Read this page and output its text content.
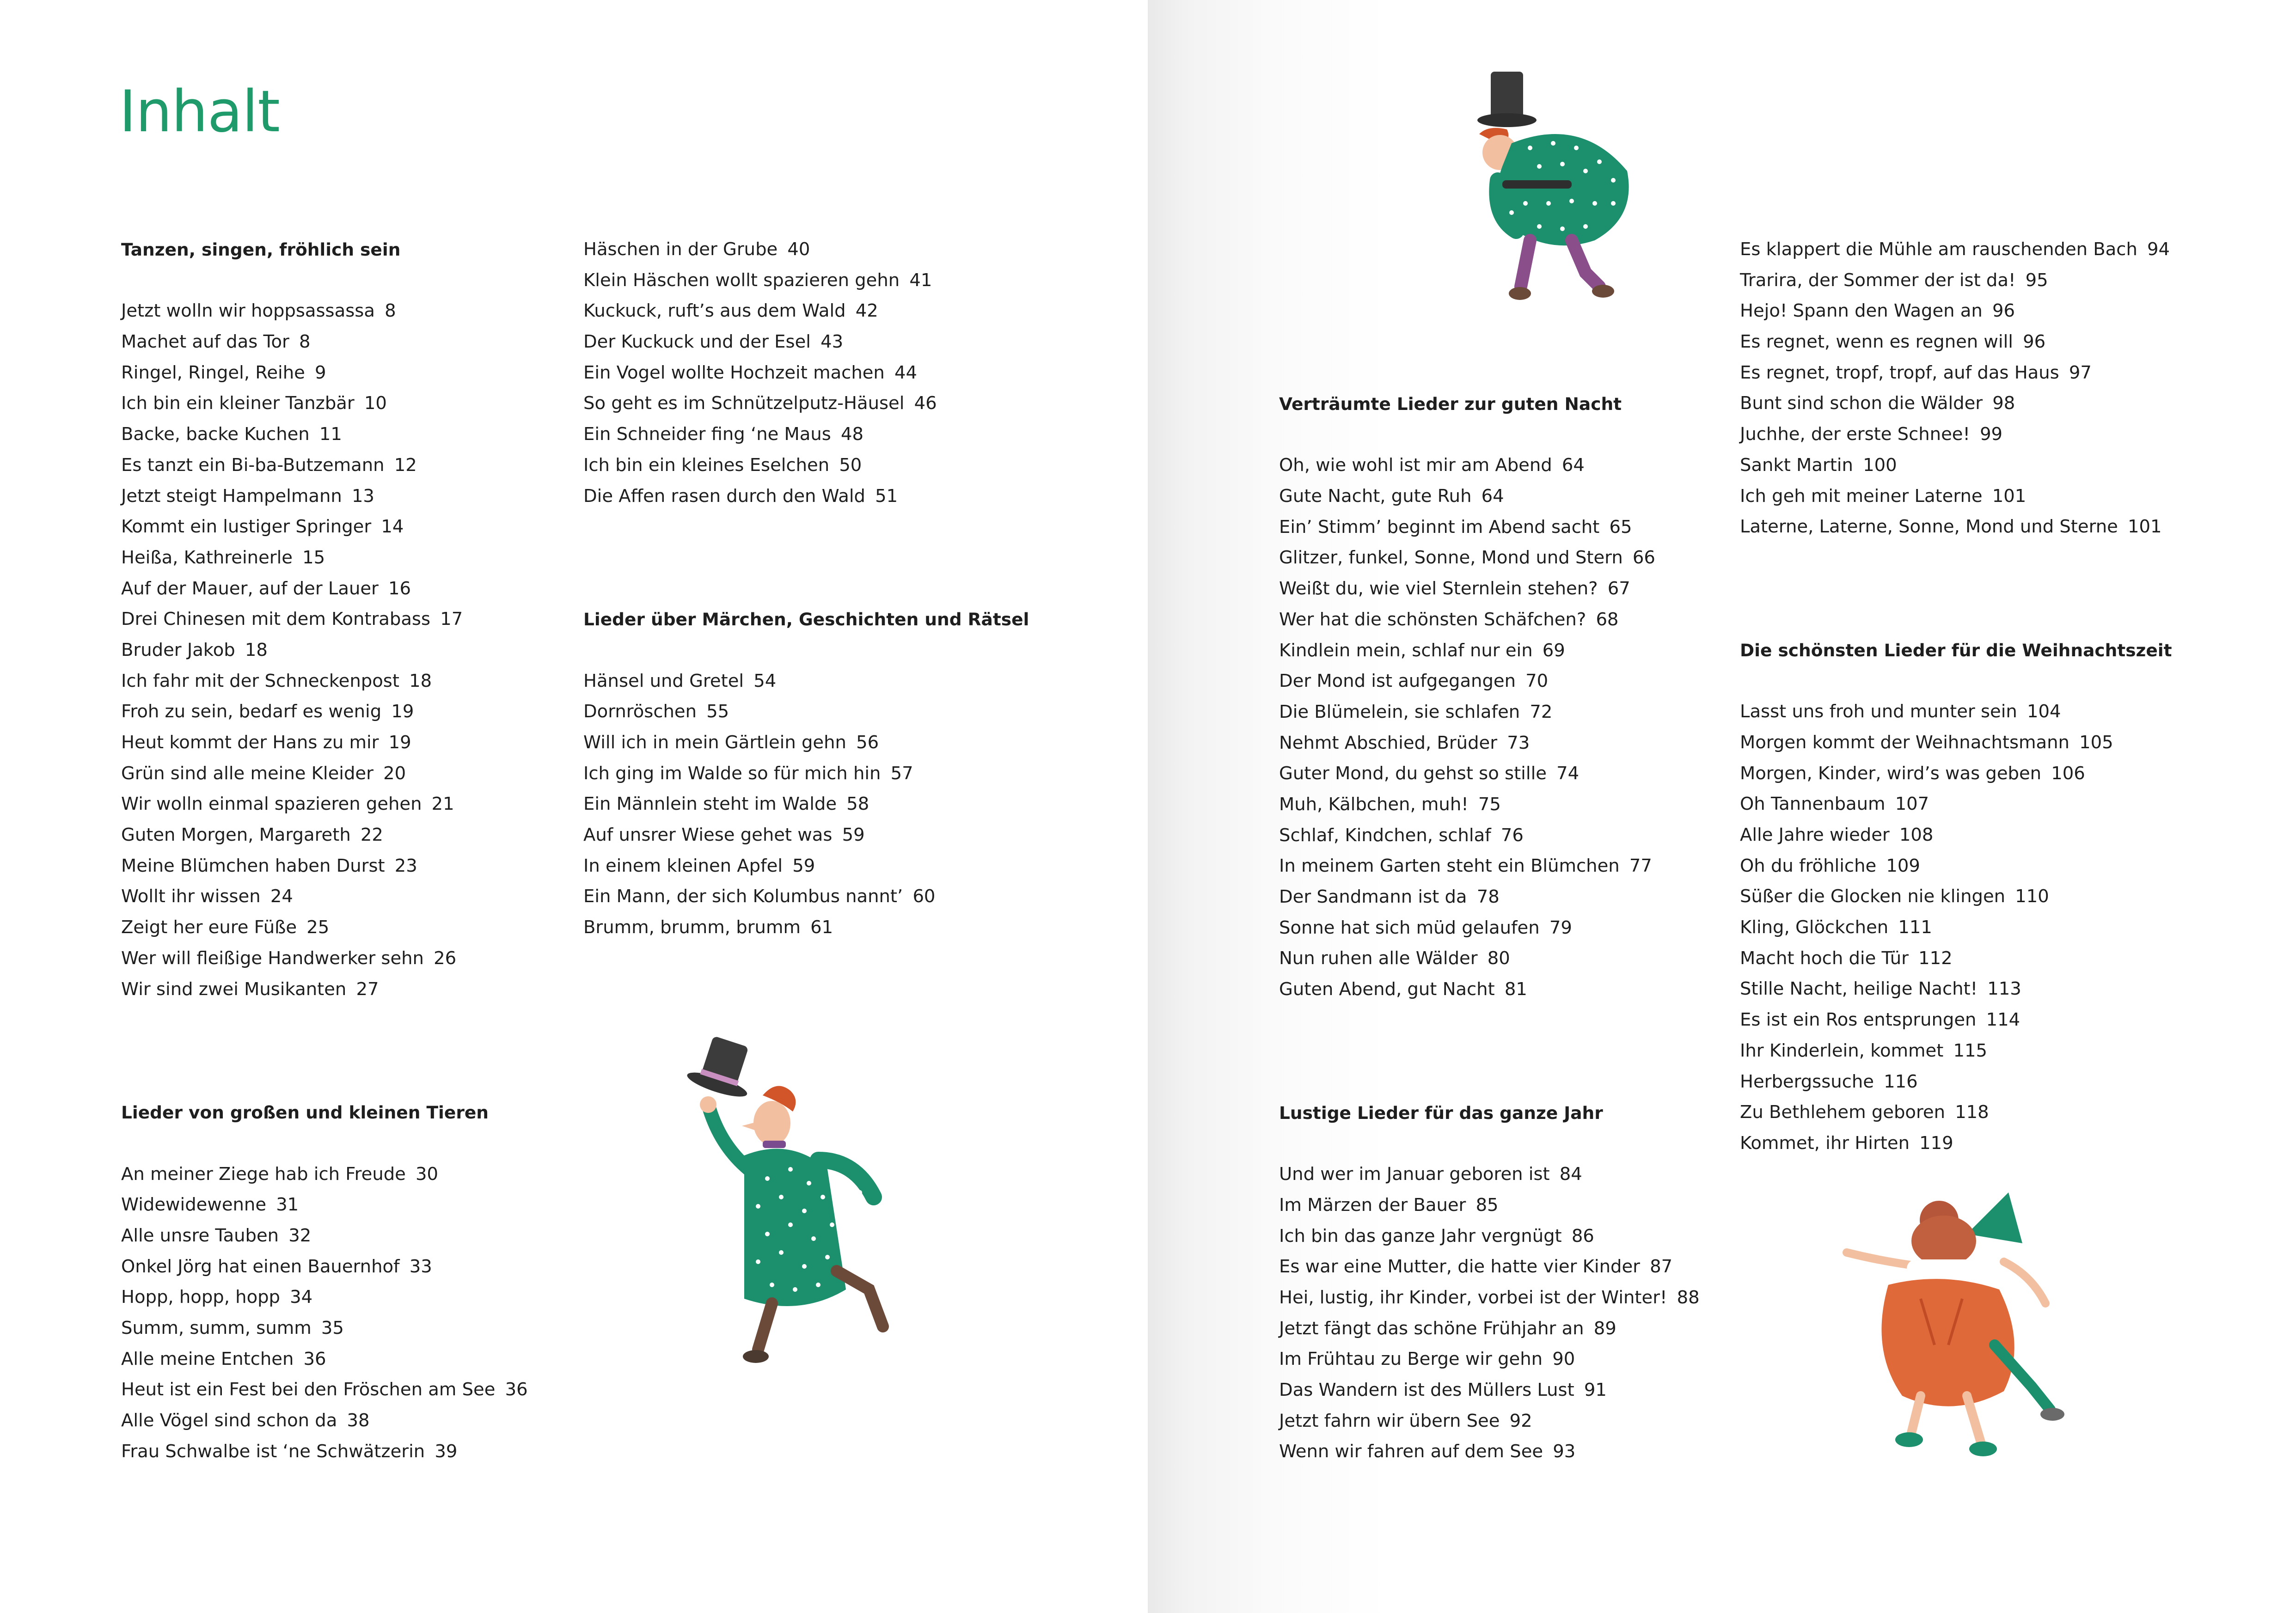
Inhalt
Tanzen, singen, fröhlich sein
Jetzt wolln wir hoppsassassa 8
Machet auf das Tor 8
Ringel, Ringel, Reihe 9
Ich bin ein kleiner Tanzbär 10
Backe, backe Kuchen 11
Es tanzt ein Bi-ba-Butzemann 12
Jetzt steigt Hampelmann 13
Kommt ein lustiger Springer 14
Heißa, Kathreinerle 15
Auf der Mauer, auf der Lauer 16
Drei Chinesen mit dem Kontrabass 17
Bruder Jakob 18
Ich fahr mit der Schneckenpost 18
Froh zu sein, bedarf es wenig 19
Heut kommt der Hans zu mir 19
Grün sind alle meine Kleider 20
Wir wolln einmal spazieren gehen 21
Guten Morgen, Margareth 22
Meine Blümchen haben Durst 23
Wollt ihr wissen 24
Zeigt her eure Füße 25
Wer will fleißige Handwerker sehn 26
Wir sind zwei Musikanten 27
Lieder von großen und kleinen Tieren
An meiner Ziege hab ich Freude 30
Widewidewenne 31
Alle unsre Tauben 32
Onkel Jörg hat einen Bauernhof 33
Hopp, hopp, hopp 34
Summ, summ, summ 35
Alle meine Entchen 36
Heut ist ein Fest bei den Fröschen am See 36
Alle Vögel sind schon da 38
Frau Schwalbe ist ‘ne Schwätzerin 39
Häschen in der Grube 40
Klein Häschen wollt spazieren gehn 41
Kuckuck, ruft’s aus dem Wald 42
Der Kuckuck und der Esel 43
Ein Vogel wollte Hochzeit machen 44
So geht es im Schnützelputz-Häusel 46
Ein Schneider fing ‘ne Maus 48
Ich bin ein kleines Eselchen 50
Die Affen rasen durch den Wald 51
Lieder über Märchen, Geschichten und Rätsel
Hänsel und Gretel 54
Dornröschen 55
Will ich in mein Gärtlein gehn 56
Ich ging im Walde so für mich hin 57
Ein Männlein steht im Walde 58
Auf unsrer Wiese gehet was 59
In einem kleinen Apfel 59
Ein Mann, der sich Kolumbus nannt’ 60
Brumm, brumm, brumm 61
Verträumte Lieder zur guten Nacht
Oh, wie wohl ist mir am Abend 64
Gute Nacht, gute Ruh 64
Ein’ Stimm’ beginnt im Abend sacht 65
Glitzer, funkel, Sonne, Mond und Stern 66
Weißt du, wie viel Sternlein stehen? 67
Wer hat die schönsten Schäfchen? 68
Kindlein mein, schlaf nur ein 69
Der Mond ist aufgegangen 70
Die Blümelein, sie schlafen 72
Nehmt Abschied, Brüder 73
Guter Mond, du gehst so stille 74
Muh, Kälbchen, muh! 75
Schlaf, Kindchen, schlaf 76
In meinem Garten steht ein Blümchen 77
Der Sandmann ist da 78
Sonne hat sich müd gelaufen 79
Nun ruhen alle Wälder 80
Guten Abend, gut Nacht 81
Lustige Lieder für das ganze Jahr
Und wer im Januar geboren ist 84
Im Märzen der Bauer 85
Ich bin das ganze Jahr vergnügt 86
Es war eine Mutter, die hatte vier Kinder 87
Hei, lustig, ihr Kinder, vorbei ist der Winter! 88
Jetzt fängt das schöne Frühjahr an 89
Im Frühtau zu Berge wir gehn 90
Das Wandern ist des Müllers Lust 91
Jetzt fahrn wir übern See 92
Wenn wir fahren auf dem See 93
Es klappert die Mühle am rauschenden Bach 94
Trarira, der Sommer der ist da! 95
Hejo! Spann den Wagen an 96
Es regnet, wenn es regnen will 96
Es regnet, tropf, tropf, auf das Haus 97
Bunt sind schon die Wälder 98
Juchhe, der erste Schnee! 99
Sankt Martin 100
Ich geh mit meiner Laterne 101
Laterne, Laterne, Sonne, Mond und Sterne 101
Die schönsten Lieder für die Weihnachtszeit
Lasst uns froh und munter sein 104
Morgen kommt der Weihnachtsmann 105
Morgen, Kinder, wird’s was geben 106
Oh Tannenbaum 107
Alle Jahre wieder 108
Oh du fröhliche 109
Süßer die Glocken nie klingen 110
Kling, Glöckchen 111
Macht hoch die Tür 112
Stille Nacht, heilige Nacht! 113
Es ist ein Ros entsprungen 114
Ihr Kinderlein, kommet 115
Herbergssuche 116
Zu Bethlehem geboren 118
Kommet, ihr Hirten 119
